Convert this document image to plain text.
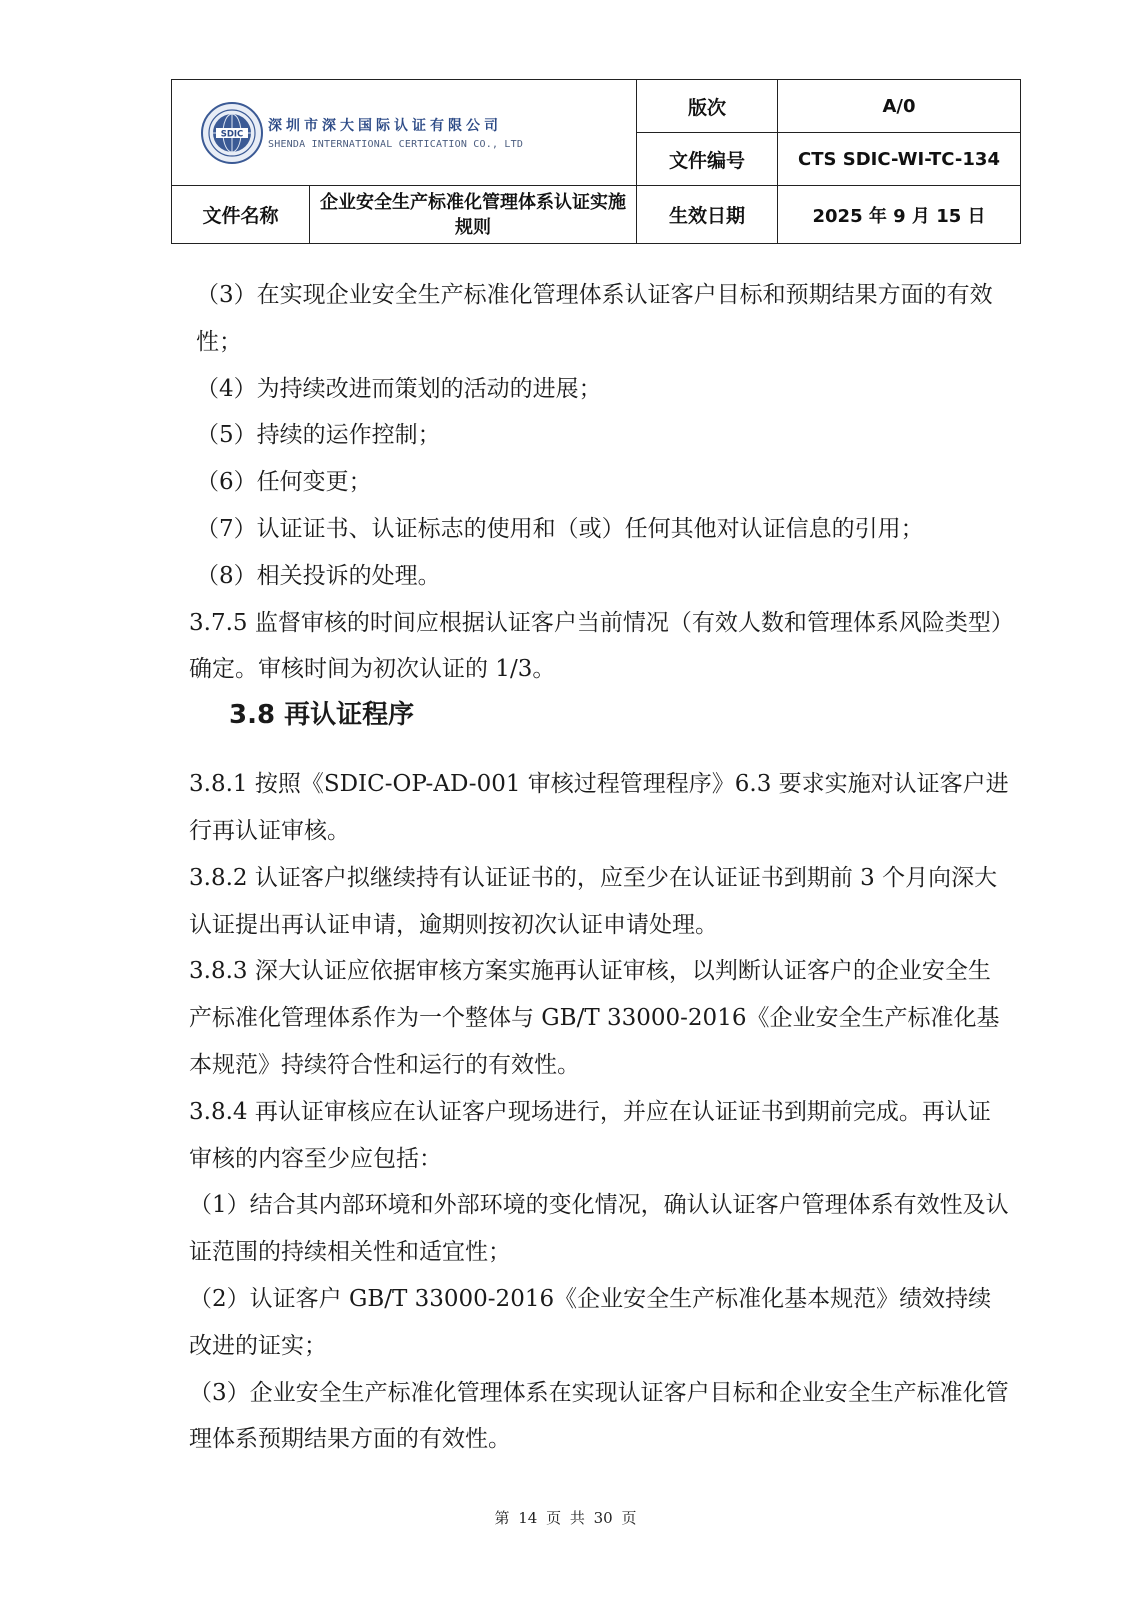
SDIC 深圳市深大国际认证有限公司
SHENDA INTERNATIONAL CERTICATION CO., LTD		版次	A/0
		文件编号	CTS SDIC-WI-TC-134
文件名称	企业安全生产标准化管理体系认证实施规则	生效日期	2025 年 9 月 15 日

（3）在实现企业安全生产标准化管理体系认证客户目标和预期结果方面的有效性；

（4）为持续改进而策划的活动的进展；

（5）持续的运作控制；

（6）任何变更；

（7）认证证书、认证标志的使用和（或）任何其他对认证信息的引用；

（8）相关投诉的处理。

3.7.5 监督审核的时间应根据认证客户当前情况（有效人数和管理体系风险类型）确定。审核时间为初次认证的 1/3。

3.8 再认证程序

3.8.1 按照《SDIC-OP-AD-001 审核过程管理程序》6.3 要求实施对认证客户进行再认证审核。

3.8.2 认证客户拟继续持有认证证书的，应至少在认证证书到期前 3 个月向深大认证提出再认证申请，逾期则按初次认证申请处理。

3.8.3 深大认证应依据审核方案实施再认证审核，以判断认证客户的企业安全生产标准化管理体系作为一个整体与 GB/T 33000-2016《企业安全生产标准化基本规范》持续符合性和运行的有效性。

3.8.4 再认证审核应在认证客户现场进行，并应在认证证书到期前完成。再认证审核的内容至少应包括：

（1）结合其内部环境和外部环境的变化情况，确认认证客户管理体系有效性及认证范围的持续相关性和适宜性；

（2）认证客户 GB/T 33000-2016《企业安全生产标准化基本规范》绩效持续改进的证实；

（3）企业安全生产标准化管理体系在实现认证客户目标和企业安全生产标准化管理体系预期结果方面的有效性。

第 14 页 共 30 页
